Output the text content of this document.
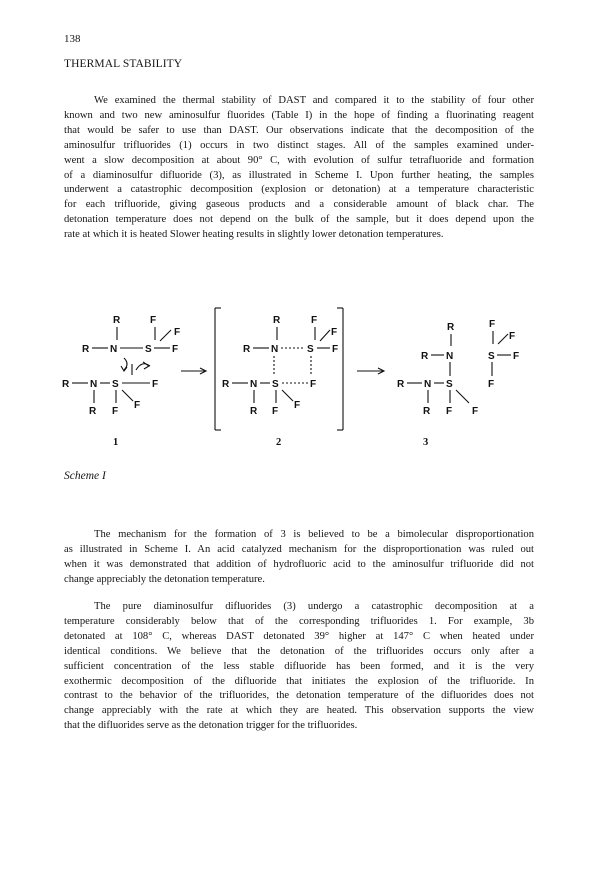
138
THERMAL STABILITY
We examined the thermal stability of DAST and compared it to the stability of four other
known and two new aminosulfur fluorides (Table I) in the hope of finding a fluorinating reagent
that would be safer to use than DAST. Our observations indicate that the decomposition of the
aminosulfur trifluorides (1) occurs in two distinct stages. All of the samples examined under-
went a slow decomposition at about 90° C, with evolution of sulfur tetrafluoride and formation
of a diaminosulfur difluoride (3), as illustrated in Scheme I. Upon further heating, the samples
underwent a catastrophic decomposition (explosion or detonation) at a temperature characteristic
for each trifluoride, giving gaseous products and a considerable amount of black char. The
detonation temperature does not depend on the bulk of the sample, but it does depend upon the
rate at which it is heated Slower heating results in slightly lower detonation temperatures.
R	F
F
R N	S F
R N S	F
R F
F
1
R	F
F
R N	S F
R N S	F
R F
F
2
R
R N
R N S
R F F
F
F
S F
F
3
Scheme I
The mechanism for the formation of 3 is believed to be a bimolecular disproportionation
as illustrated in Scheme I. An acid catalyzed mechanism for the disproportionation was ruled out
when it was demonstrated that addition of hydrofluoric acid to the aminosulfur trifluoride did not
change appreciably the detonation temperature.
The pure diaminosulfur difluorides (3) undergo a catastrophic decomposition at a
temperature considerably below that of the corresponding trifluorides 1. For example, 3b
detonated at 108° C, whereas DAST detonated 39° higher at 147° C when heated under
identical conditions. We believe that the detonation of the trifluorides occurs only after a
sufficient concentration of the less stable difluoride has been formed, and it is the very
exothermic decomposition of the difluoride that initiates the explosion of the trifluoride. In
contrast to the behavior of the trifluorides, the detonation temperature of the difluorides does not
change appreciably with the rate at which they are heated. This observation supports the view
that the difluorides serve as the detonation trigger for the trifluorides.
